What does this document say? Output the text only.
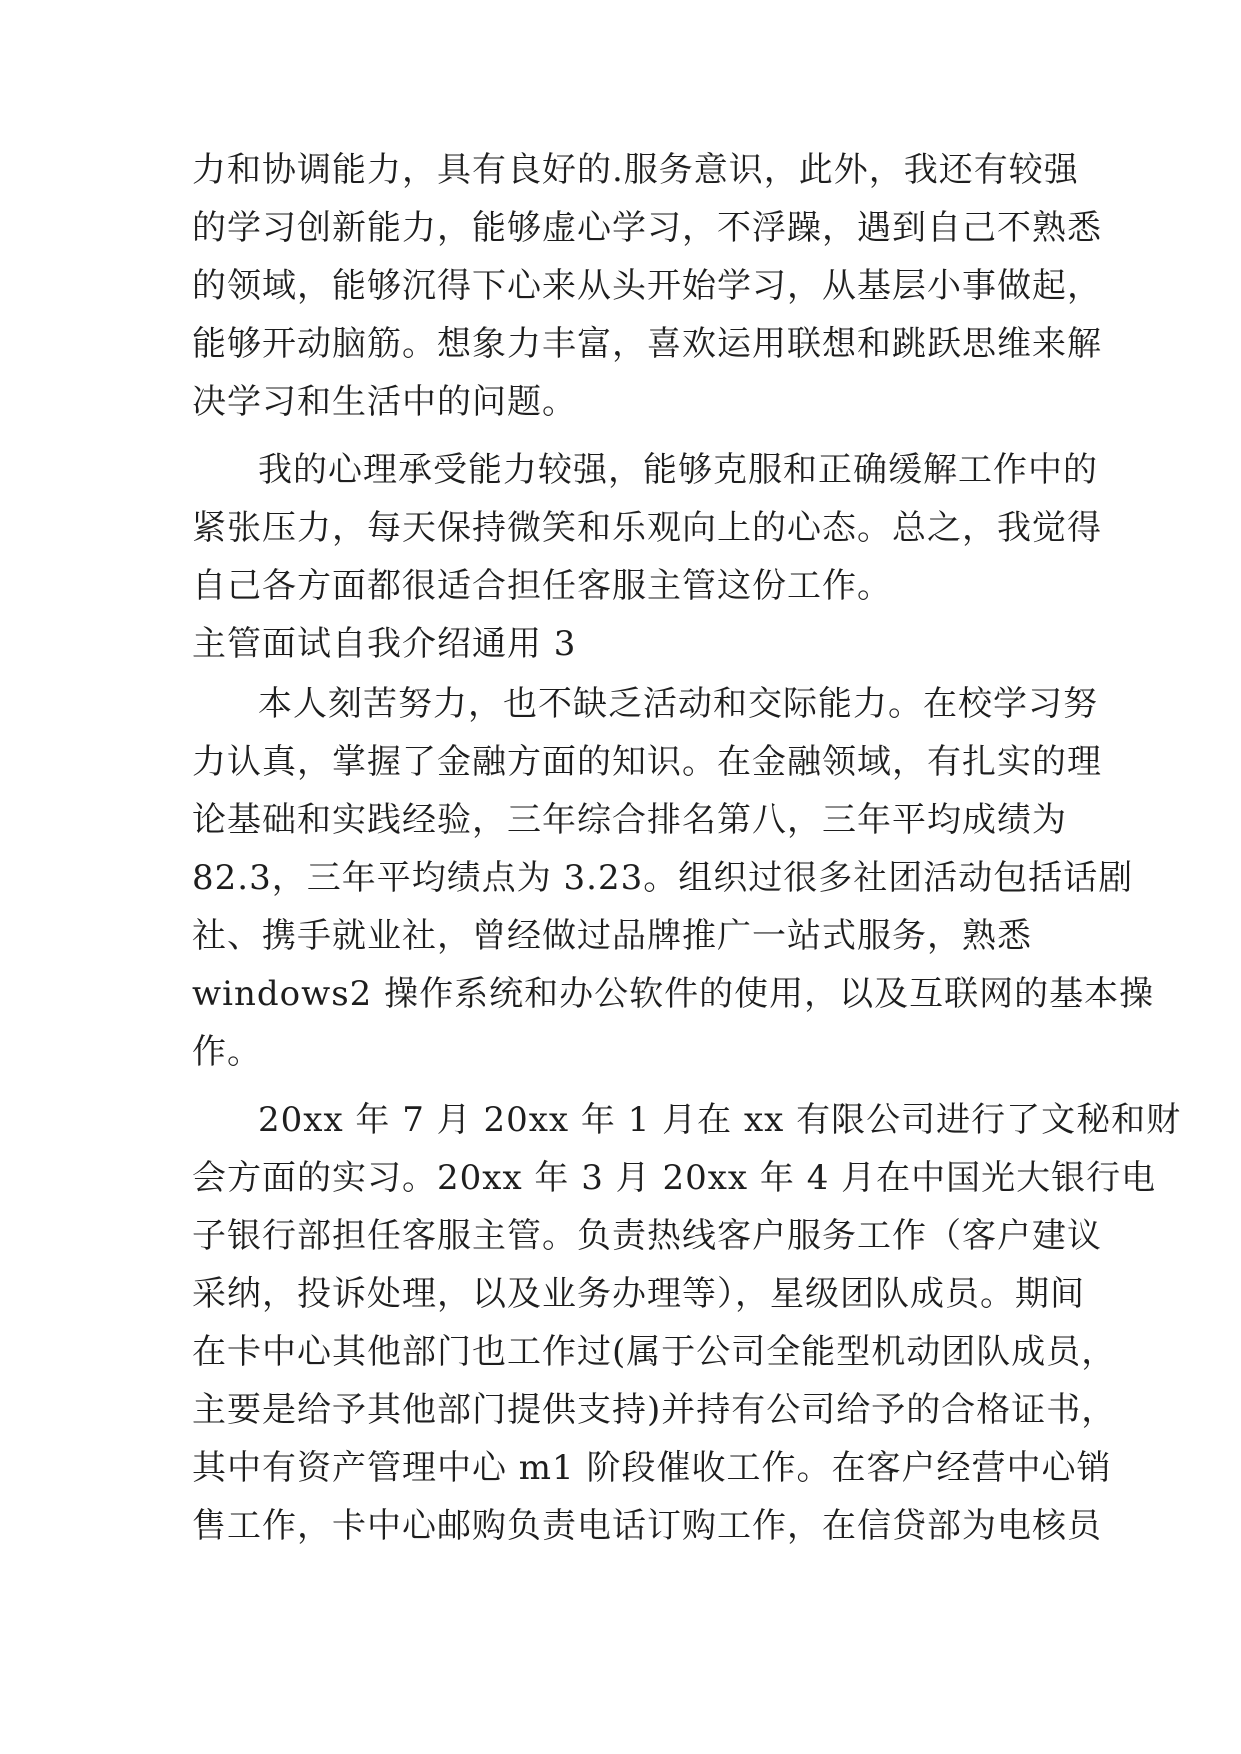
力和协调能力，具有良好的.服务意识，此外，我还有较强
的学习创新能力，能够虚心学习，不浮躁，遇到自己不熟悉
的领域，能够沉得下心来从头开始学习，从基层小事做起，
能够开动脑筋。想象力丰富，喜欢运用联想和跳跃思维来解
决学习和生活中的问题。
我的心理承受能力较强，能够克服和正确缓解工作中的
紧张压力，每天保持微笑和乐观向上的心态。总之，我觉得
自己各方面都很适合担任客服主管这份工作。
主管面试自我介绍通用 3
本人刻苦努力，也不缺乏活动和交际能力。在校学习努
力认真，掌握了金融方面的知识。在金融领域，有扎实的理
论基础和实践经验，三年综合排名第八，三年平均成绩为
82.3，三年平均绩点为 3.23。组织过很多社团活动包括话剧
社、携手就业社，曾经做过品牌推广一站式服务，熟悉
windows2 操作系统和办公软件的使用，以及互联网的基本操
作。
20xx 年 7 月 20xx 年 1 月在 xx 有限公司进行了文秘和财
会方面的实习。20xx 年 3 月 20xx 年 4 月在中国光大银行电
子银行部担任客服主管。负责热线客户服务工作（客户建议
采纳，投诉处理，以及业务办理等），星级团队成员。期间
在卡中心其他部门也工作过(属于公司全能型机动团队成员，
主要是给予其他部门提供支持)并持有公司给予的合格证书，
其中有资产管理中心 m1 阶段催收工作。在客户经营中心销
售工作，卡中心邮购负责电话订购工作，在信贷部为电核员
